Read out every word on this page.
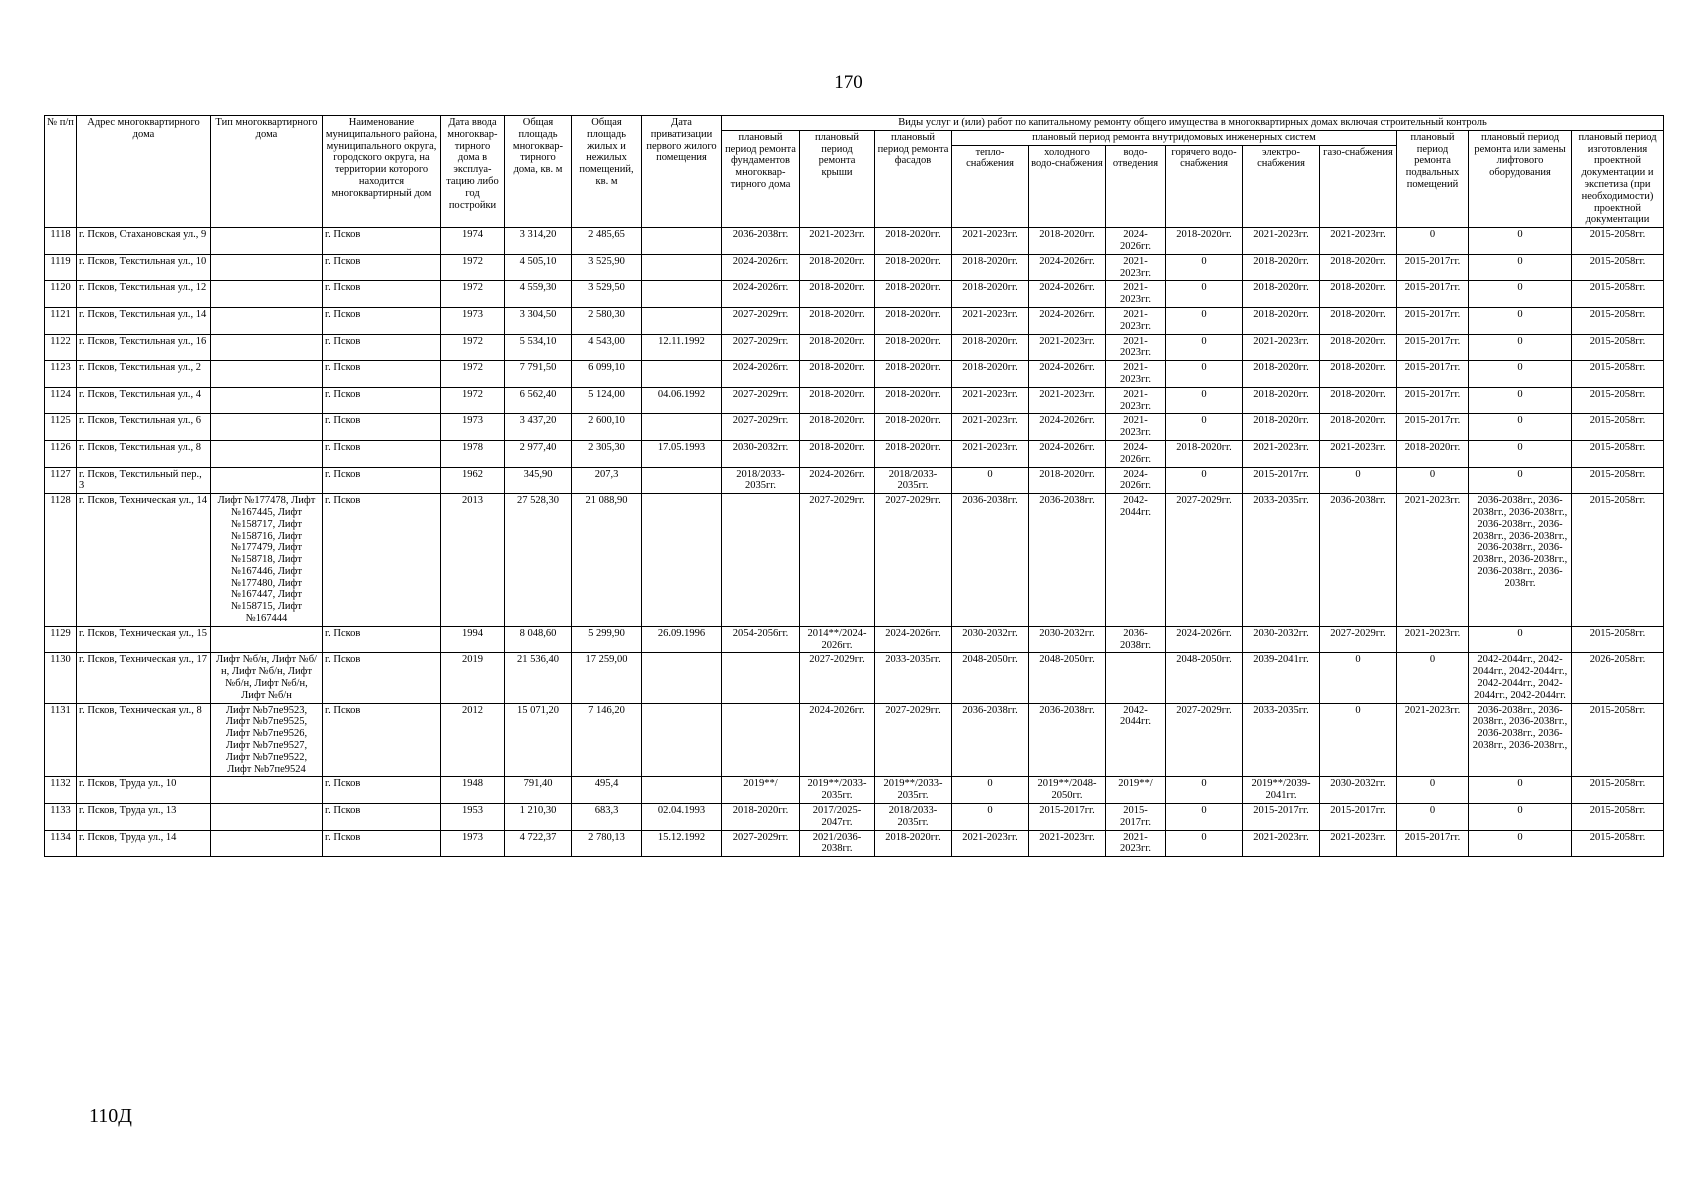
170
№ п/п	Адрес многоквартирного дома	Тип многоквартирного дома	Наименование муниципального района, муниципального округа, городского округа, на территории которого находится многоквартирный дом	Дата ввода многоквар-тирного дома в эксплуа-тацию либо год постройки	Общая площадь многоквар-тирного дома, кв. м	Общая площадь жилых и нежилых помещений, кв. м	Дата приватизации первого жилого помещения	Виды услуг и (или) работ по капитальному ремонту общего имущества в многоквартирных домах включая строительный контроль											
								плановый период ремонта фундаментов многоквар-тирного дома	плановый период ремонта крыши	плановый период ремонта фасадов	плановый период ремонта внутридомовых инженерных систем						плановый период ремонта подвальных помещений	плановый период ремонта или замены лифтового оборудования	плановый период изготовления проектной документации и экспетиза (при необходимости) проектной документации
											тепло-снабжения	холодного водо-снабжения	водо-отведения	горячего водо-снабжения	электро-снабжения	газо-снабжения			
1118	г. Псков, Стахановская ул., 9		г. Псков	1974	3 314,20	2 485,65		2036-2038гг.	2021-2023гг.	2018-2020гг.	2021-2023гг.	2018-2020гг.	2024-2026гг.	2018-2020гг.	2021-2023гг.	2021-2023гг.	0	0	2015-2058гг.
1119	г. Псков, Текстильная ул., 10		г. Псков	1972	4 505,10	3 525,90		2024-2026гг.	2018-2020гг.	2018-2020гг.	2018-2020гг.	2024-2026гг.	2021-2023гг.	0	2018-2020гг.	2018-2020гг.	2015-2017гг.	0	2015-2058гг.
1120	г. Псков, Текстильная ул., 12		г. Псков	1972	4 559,30	3 529,50		2024-2026гг.	2018-2020гг.	2018-2020гг.	2018-2020гг.	2024-2026гг.	2021-2023гг.	0	2018-2020гг.	2018-2020гг.	2015-2017гг.	0	2015-2058гг.
1121	г. Псков, Текстильная ул., 14		г. Псков	1973	3 304,50	2 580,30		2027-2029гг.	2018-2020гг.	2018-2020гг.	2021-2023гг.	2024-2026гг.	2021-2023гг.	0	2018-2020гг.	2018-2020гг.	2015-2017гг.	0	2015-2058гг.
1122	г. Псков, Текстильная ул., 16		г. Псков	1972	5 534,10	4 543,00	12.11.1992	2027-2029гг.	2018-2020гг.	2018-2020гг.	2018-2020гг.	2021-2023гг.	2021-2023гг.	0	2021-2023гг.	2018-2020гг.	2015-2017гг.	0	2015-2058гг.
1123	г. Псков, Текстильная ул., 2		г. Псков	1972	7 791,50	6 099,10		2024-2026гг.	2018-2020гг.	2018-2020гг.	2018-2020гг.	2024-2026гг.	2021-2023гг.	0	2018-2020гг.	2018-2020гг.	2015-2017гг.	0	2015-2058гг.
1124	г. Псков, Текстильная ул., 4		г. Псков	1972	6 562,40	5 124,00	04.06.1992	2027-2029гг.	2018-2020гг.	2018-2020гг.	2021-2023гг.	2021-2023гг.	2021-2023гг.	0	2018-2020гг.	2018-2020гг.	2015-2017гг.	0	2015-2058гг.
1125	г. Псков, Текстильная ул., 6		г. Псков	1973	3 437,20	2 600,10		2027-2029гг.	2018-2020гг.	2018-2020гг.	2021-2023гг.	2024-2026гг.	2021-2023гг.	0	2018-2020гг.	2018-2020гг.	2015-2017гг.	0	2015-2058гг.
1126	г. Псков, Текстильная ул., 8		г. Псков	1978	2 977,40	2 305,30	17.05.1993	2030-2032гг.	2018-2020гг.	2018-2020гг.	2021-2023гг.	2024-2026гг.	2024-2026гг.	2018-2020гг.	2021-2023гг.	2021-2023гг.	2018-2020гг.	0	2015-2058гг.
1127	г. Псков, Текстильный пер., 3		г. Псков	1962	345,90	207,3		2018/2033-2035гг.	2024-2026гг.	2018/2033-2035гг.	0	2018-2020гг.	2024-2026гг.	0	2015-2017гг.	0	0	0	2015-2058гг.
1128	г. Псков, Техническая ул., 14	Лифт №177478, Лифт №167445, Лифт №158717, Лифт №158716, Лифт №177479, Лифт №158718, Лифт №167446, Лифт №177480, Лифт №167447, Лифт №158715, Лифт №167444	г. Псков	2013	27 528,30	21 088,90			2027-2029гг.	2027-2029гг.	2036-2038гг.	2036-2038гг.	2042-2044гг.	2027-2029гг.	2033-2035гг.	2036-2038гг.	2021-2023гг.	2036-2038гг., 2036-2038гг., 2036-2038гг., 2036-2038гг., 2036-2038гг., 2036-2038гг., 2036-2038гг., 2036-2038гг., 2036-2038гг., 2036-2038гг., 2036-2038гг.	2015-2058гг.
1129	г. Псков, Техническая ул., 15		г. Псков	1994	8 048,60	5 299,90	26.09.1996	2054-2056гг.	2014**/2024-2026гг.	2024-2026гг.	2030-2032гг.	2030-2032гг.	2036-2038гг.	2024-2026гг.	2030-2032гг.	2027-2029гг.	2021-2023гг.	0	2015-2058гг.
1130	г. Псков, Техническая ул., 17	Лифт №б/н, Лифт №б/н, Лифт №б/н, Лифт №б/н, Лифт №б/н, Лифт №б/н	г. Псков	2019	21 536,40	17 259,00			2027-2029гг.	2033-2035гг.	2048-2050гг.	2048-2050гг.		2048-2050гг.	2039-2041гг.	0	0	2042-2044гг., 2042-2044гг., 2042-2044гг., 2042-2044гг., 2042-2044гг., 2042-2044гг.	2026-2058гг.
1131	г. Псков, Техническая ул., 8	Лифт №b7пе9523, Лифт №b7пе9525, Лифт №b7пе9526, Лифт №b7пе9527, Лифт №b7пе9522, Лифт №b7пе9524	г. Псков	2012	15 071,20	7 146,20			2024-2026гг.	2027-2029гг.	2036-2038гг.	2036-2038гг.	2042-2044гг.	2027-2029гг.	2033-2035гг.	0	2021-2023гг.	2036-2038гг., 2036-2038гг., 2036-2038гг., 2036-2038гг., 2036-2038гг., 2036-2038гг.,	2015-2058гг.
1132	г. Псков, Труда ул., 10		г. Псков	1948	791,40	495,4		2019**/	2019**/2033-2035гг.	2019**/2033-2035гг.	0	2019**/2048-2050гг.	2019**/	0	2019**/2039-2041гг.	2030-2032гг.	0	0	2015-2058гг.
1133	г. Псков, Труда ул., 13		г. Псков	1953	1 210,30	683,3	02.04.1993	2018-2020гг.	2017/2025-2047гг.	2018/2033-2035гг.	0	2015-2017гг.	2015-2017гг.	0	2015-2017гг.	2015-2017гг.	0	0	2015-2058гг.
1134	г. Псков, Труда ул., 14		г. Псков	1973	4 722,37	2 780,13	15.12.1992	2027-2029гг.	2021/2036-2038гг.	2018-2020гг.	2021-2023гг.	2021-2023гг.	2021-2023гг.	0	2021-2023гг.	2021-2023гг.	2015-2017гг.	0	2015-2058гг.
110Д
